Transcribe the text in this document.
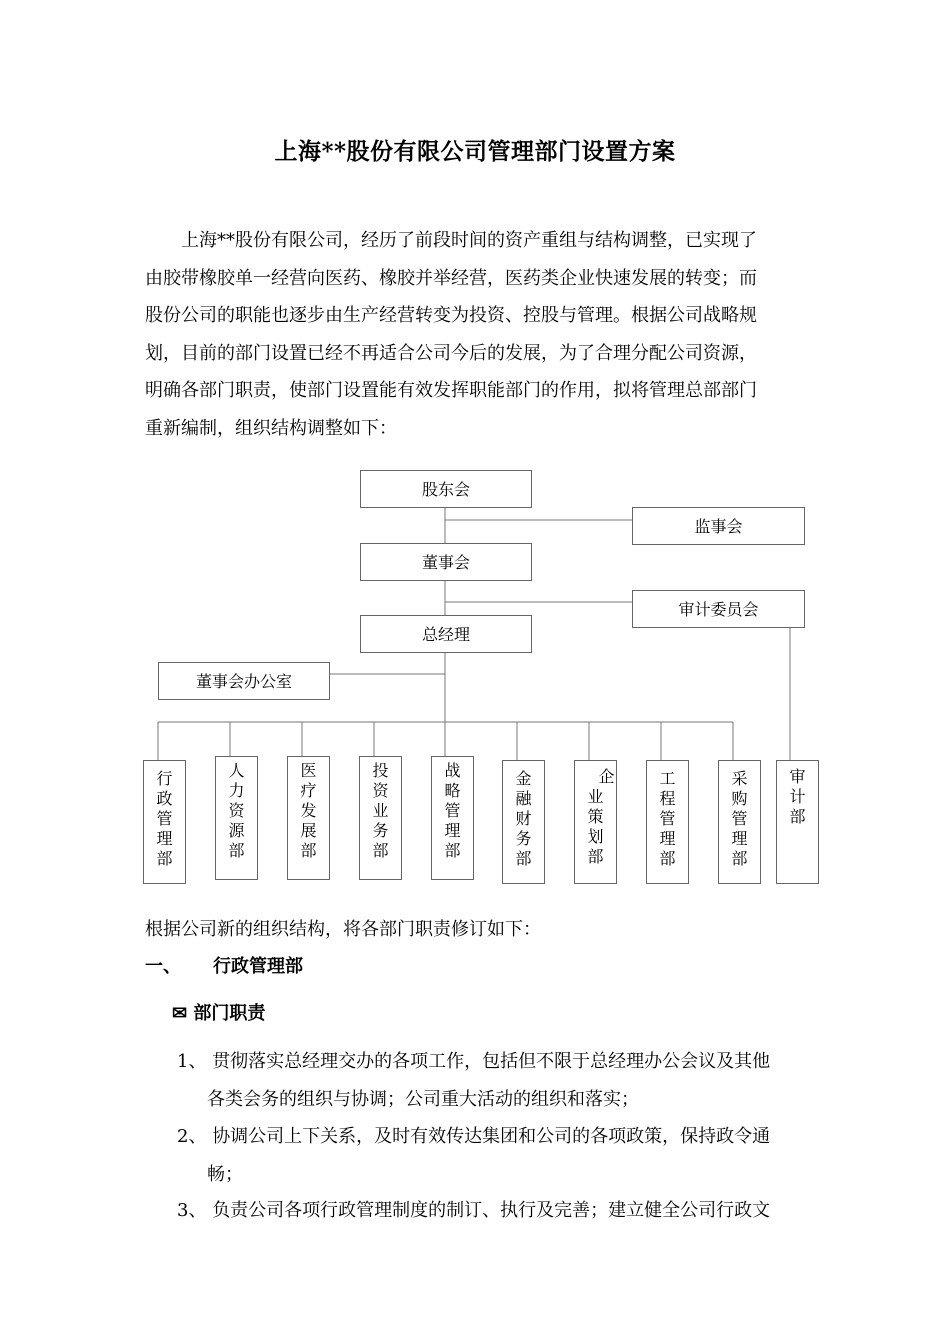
上海**股份有限公司管理部门设置方案
上海**股份有限公司，经历了前段时间的资产重组与结构调整，已实现了
由胶带橡胶单一经营向医药、橡胶并举经营，医药类企业快速发展的转变；而
股份公司的职能也逐步由生产经营转变为投资、控股与管理。根据公司战略规
划，目前的部门设置已经不再适合公司今后的发展，为了合理分配公司资源，
明确各部门职责，使部门设置能有效发挥职能部门的作用，拟将管理总部部门
重新编制，组织结构调整如下：
股东会
监事会
董事会
审计委员会
总经理
董事会办公室
行
政
管
理
部
人
力
资
源
部
医
疗
发
展
部
投
资
业
务
部
战
略
管
理
部
金
融
财
务
部
企
业
策
划
部
工
程
管
理
部
采
购
管
理
部
审
计
部
根据公司新的组织结构，将各部门职责修订如下：
一、 行政管理部
✉ 部门职责
1、 贯彻落实总经理交办的各项工作，包括但不限于总经理办公会议及其他
各类会务的组织与协调；公司重大活动的组织和落实；
2、 协调公司上下关系，及时有效传达集团和公司的各项政策，保持政令通
畅；
3、 负责公司各项行政管理制度的制订、执行及完善；建立健全公司行政文
